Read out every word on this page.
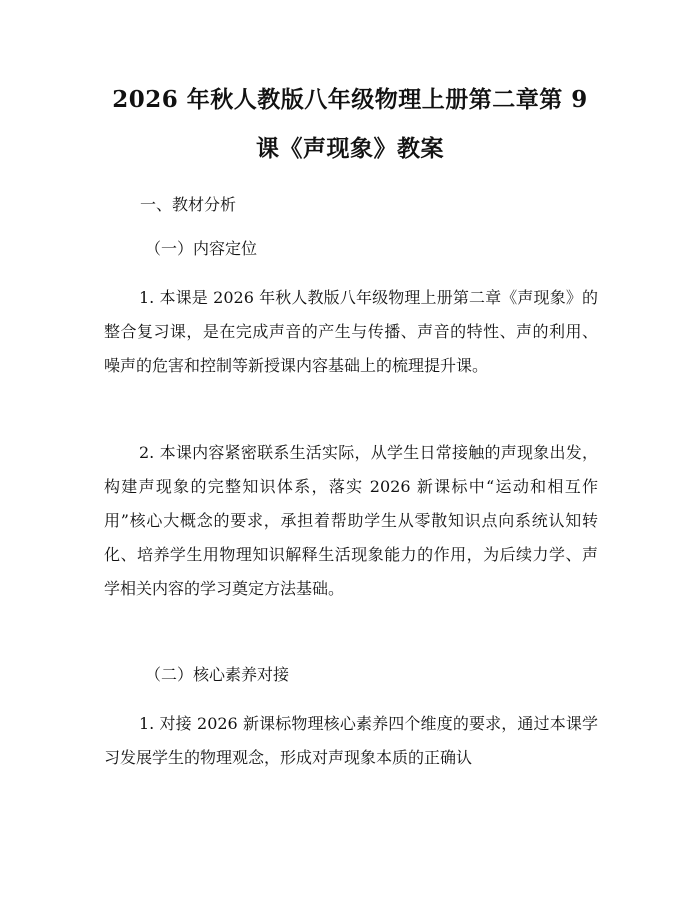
2026 年秋人教版八年级物理上册第二章第 9
课《声现象》教案
一、教材分析
（一）内容定位

1. 本课是 2026 年秋人教版八年级物理上册第二章《声现象》的整合复习课，是在完成声音的产生与传播、声音的特性、声的利用、噪声的危害和控制等新授课内容基础上的梳理提升课。

2. 本课内容紧密联系生活实际，从学生日常接触的声现象出发，构建声现象的完整知识体系，落实 2026 新课标中“运动和相互作用”核心大概念的要求，承担着帮助学生从零散知识点向系统认知转化、培养学生用物理知识解释生活现象能力的作用，为后续力学、声学相关内容的学习奠定方法基础。

（二）核心素养对接

1. 对接 2026 新课标物理核心素养四个维度的要求，通过本课学习发展学生的物理观念，形成对声现象本质的正确认
